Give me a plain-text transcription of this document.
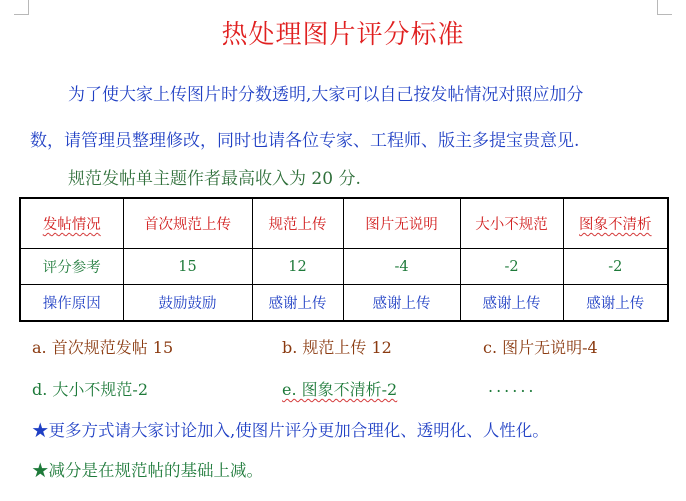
热处理图片评分标准
为了使大家上传图片时分数透明,大家可以自己按发帖情况对照应加分
数，请管理员整理修改，同时也请各位专家、工程师、版主多提宝贵意见.
规范发帖单主题作者最高收入为 20 分.
发帖情况	首次规范上传	规范上传	图片无说明	大小不规范	图象不清析
评分参考	15	12	-4	-2	-2
操作原因	鼓励鼓励	感谢上传	感谢上传	感谢上传	感谢上传
a. 首次规范发帖 15	b. 规范上传 12	c. 图片无说明-4
d. 大小不规范-2	e. 图象不清析-2	......
★更多方式请大家讨论加入,使图片评分更加合理化、透明化、人性化。
★减分是在规范帖的基础上减。
